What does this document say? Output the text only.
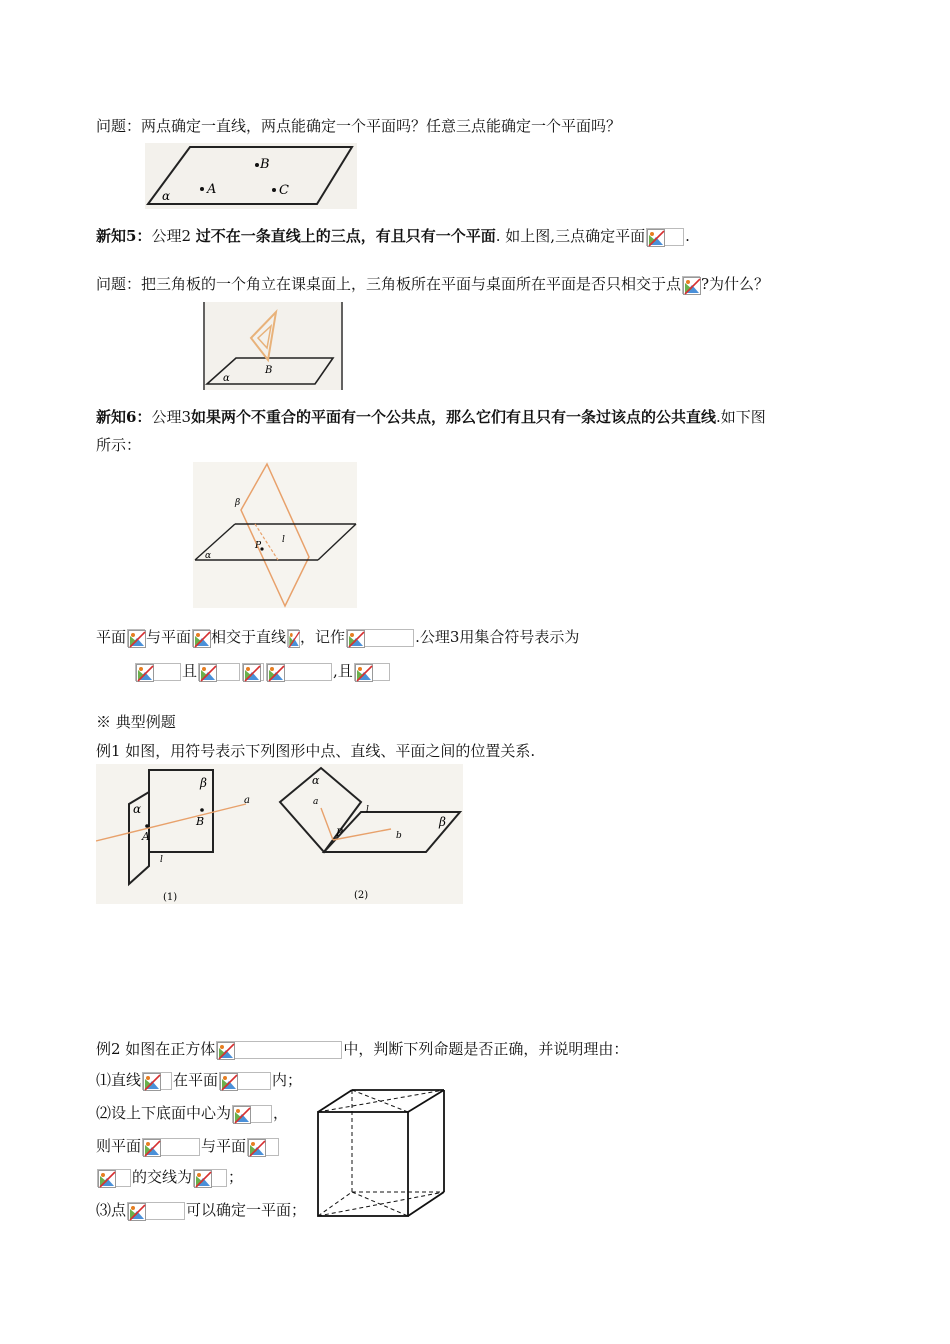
问题：两点确定一直线，两点能确定一个平面吗？任意三点能确定一个平面吗？
B
A	C
α
新知5：公理2 过不在一条直线上的三点，有且只有一个平面. 如上图,三点确定平面	.
问题：把三角板的一个角立在课桌面上，三角板所在平面与桌面所在平面是否只相交于点 ?为什么？
B
α
新知6：公理3如果两个不重合的平面有一个公共点，那么它们有且只有一条过该点的公共直线.如下图
所示：
β
P
l
α
平面 与平面 相交于直线 ，记作	.公理3用集合符号表示为
且	,且
※ 典型例题
例1 如图，用符号表示下列图形中点、直线、平面之间的位置关系.
α
β
a
A
B
l
(1)
α
a
l
P	b
β
(2)
例2 如图在正方体	中，判断下列命题是否正确，并说明理由：
⑴直线 在平面	内；
⑵设上下底面中心为	，
则平面	与平面
的交线为 ；
⑶点	可以确定一平面；
